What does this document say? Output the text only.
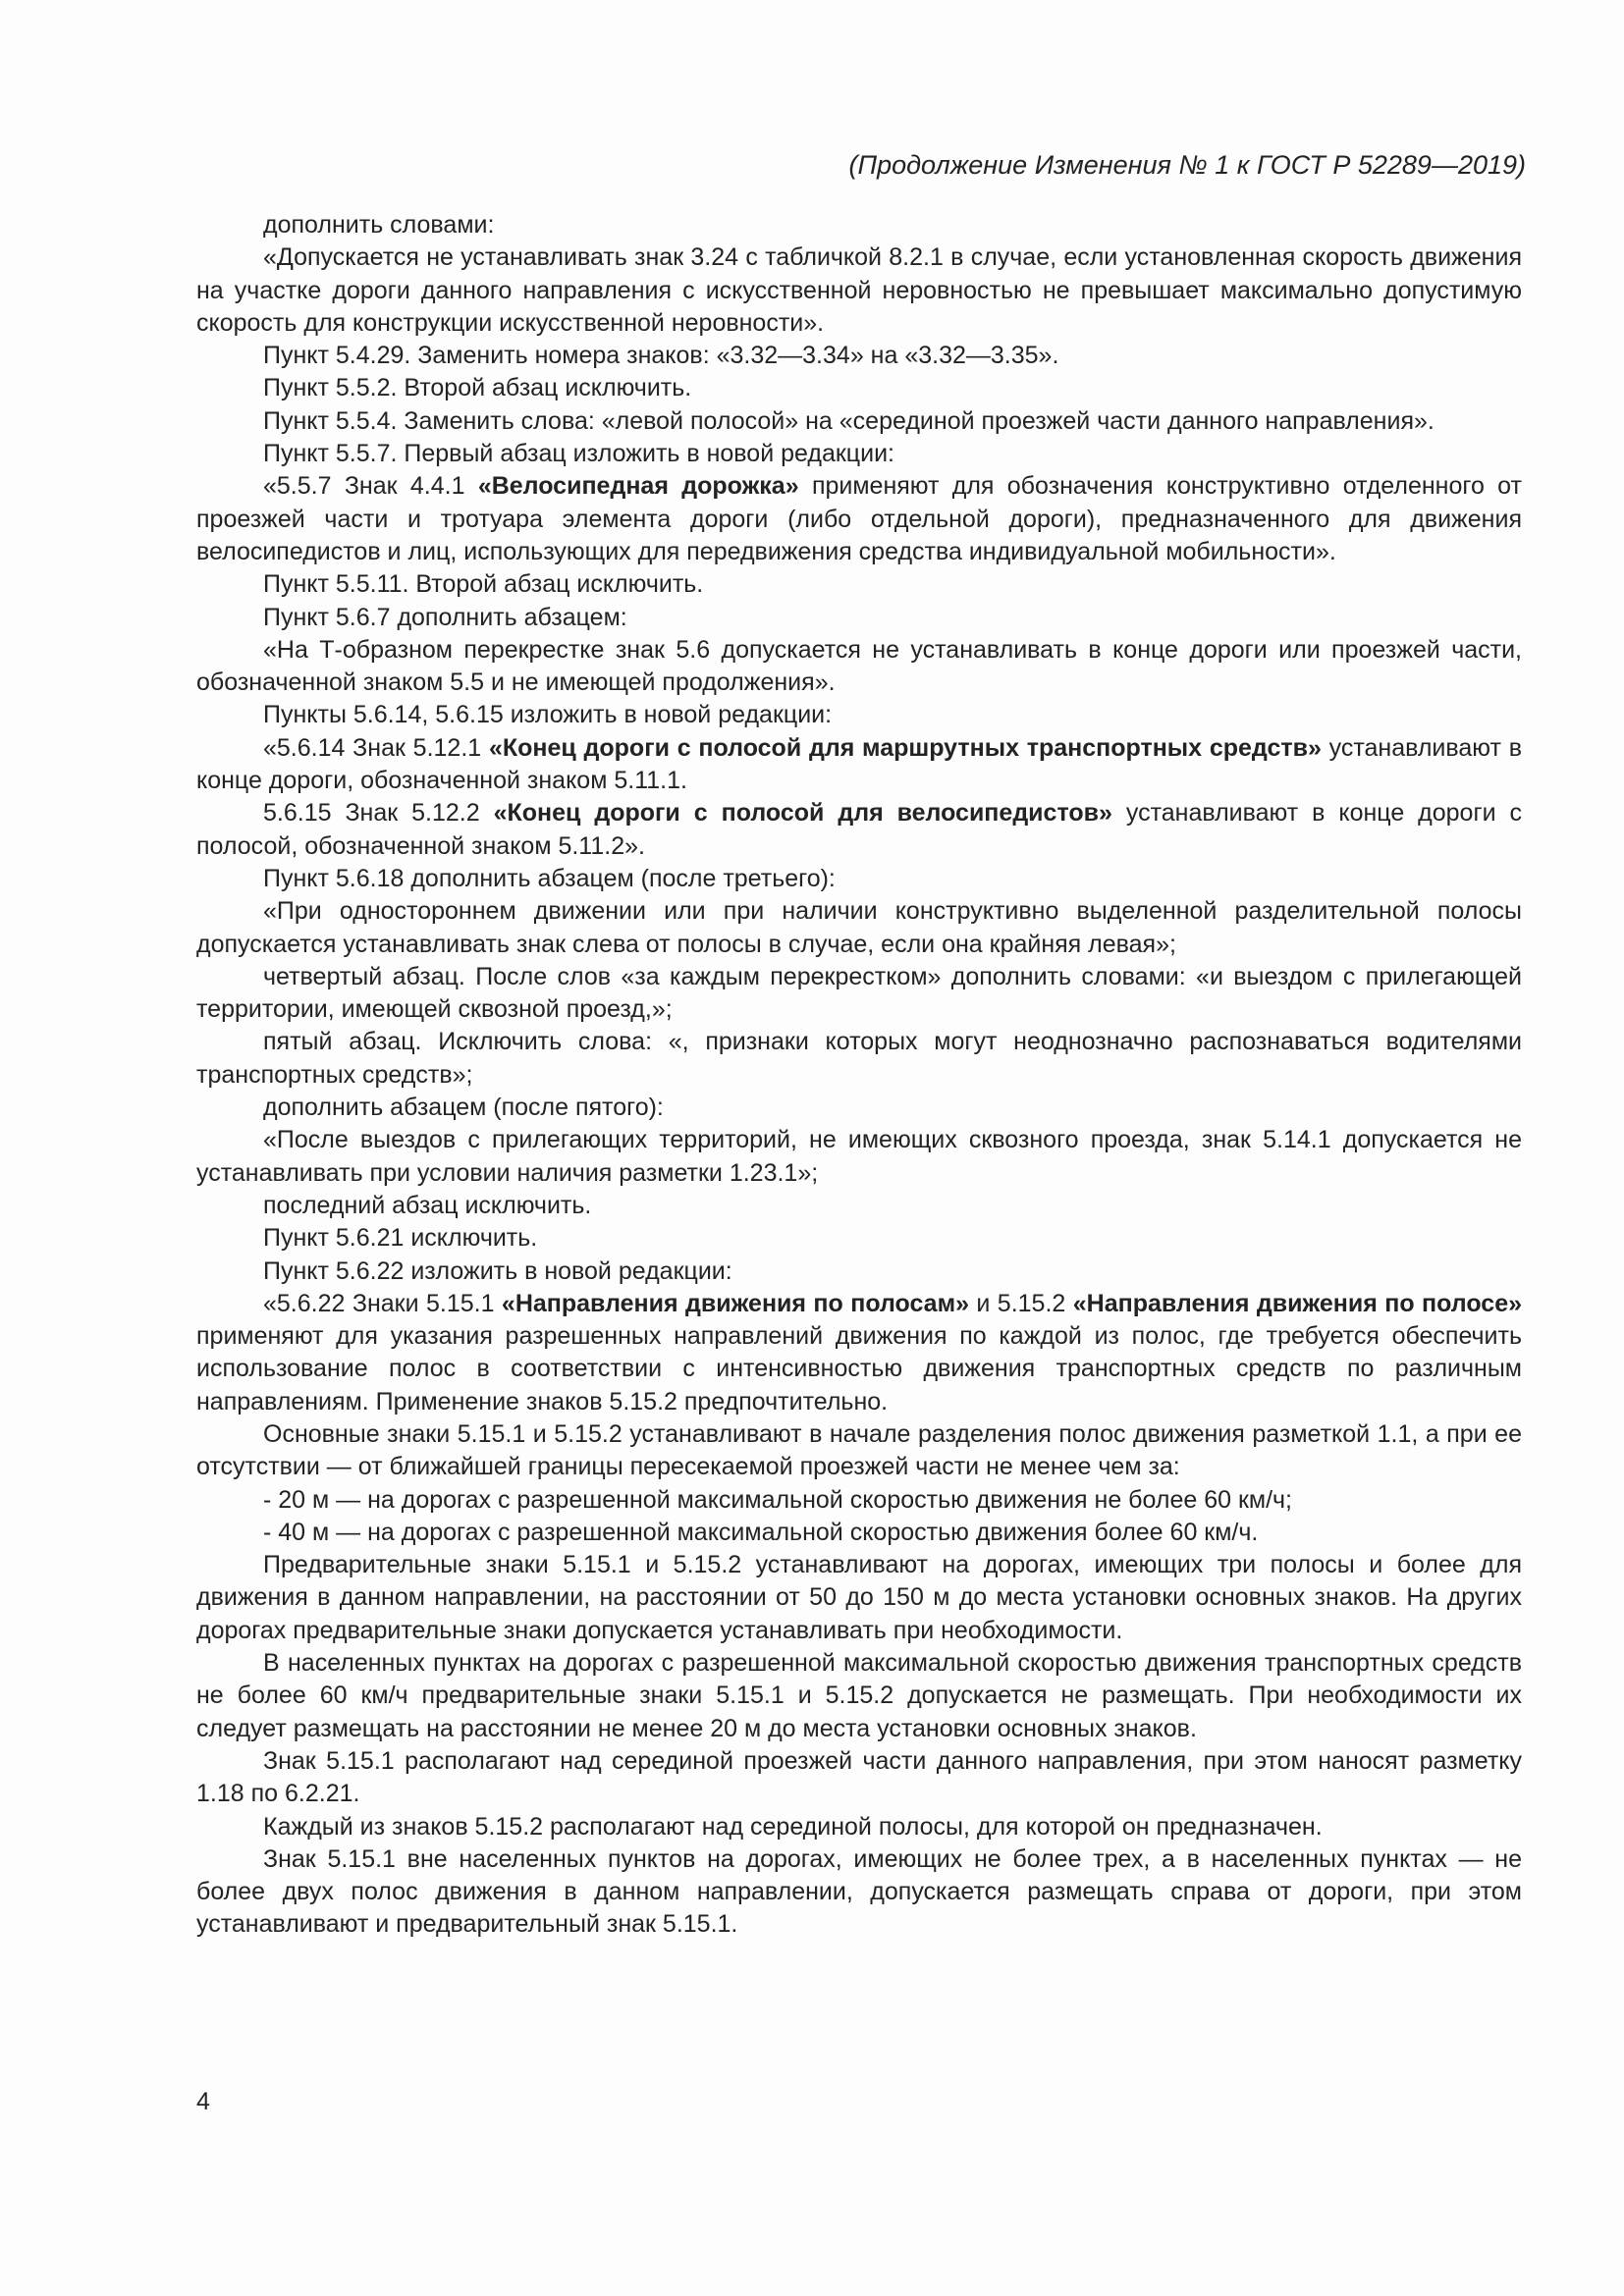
(Продолжение Изменения № 1 к ГОСТ Р 52289—2019)

дополнить словами:

«Допускается не устанавливать знак 3.24 с табличкой 8.2.1 в случае, если установленная скорость движения на участке дороги данного направления с искусственной неровностью не превышает максимально допустимую скорость для конструкции искусственной неровности».

Пункт 5.4.29. Заменить номера знаков: «3.32—3.34» на «3.32—3.35».

Пункт 5.5.2. Второй абзац исключить.

Пункт 5.5.4. Заменить слова: «левой полосой» на «серединой проезжей части данного направления».

Пункт 5.5.7. Первый абзац изложить в новой редакции:

«5.5.7 Знак 4.4.1 «Велосипедная дорожка» применяют для обозначения конструктивно отделенного от проезжей части и тротуара элемента дороги (либо отдельной дороги), предназначенного для движения велосипедистов и лиц, использующих для передвижения средства индивидуальной мобильности».

Пункт 5.5.11. Второй абзац исключить.

Пункт 5.6.7 дополнить абзацем:

«На Т-образном перекрестке знак 5.6 допускается не устанавливать в конце дороги или проезжей части, обозначенной знаком 5.5 и не имеющей продолжения».

Пункты 5.6.14, 5.6.15 изложить в новой редакции:

«5.6.14 Знак 5.12.1 «Конец дороги с полосой для маршрутных транспортных средств» устанавливают в конце дороги, обозначенной знаком 5.11.1.

5.6.15 Знак 5.12.2 «Конец дороги с полосой для велосипедистов» устанавливают в конце дороги с полосой, обозначенной знаком 5.11.2».

Пункт 5.6.18 дополнить абзацем (после третьего):

«При одностороннем движении или при наличии конструктивно выделенной разделительной полосы допускается устанавливать знак слева от полосы в случае, если она крайняя левая»;

четвертый абзац. После слов «за каждым перекрестком» дополнить словами: «и выездом с прилегающей территории, имеющей сквозной проезд,»;

пятый абзац. Исключить слова: «, признаки которых могут неоднозначно распознаваться водителями транспортных средств»;

дополнить абзацем (после пятого):

«После выездов с прилегающих территорий, не имеющих сквозного проезда, знак 5.14.1 допускается не устанавливать при условии наличия разметки 1.23.1»;

последний абзац исключить.

Пункт 5.6.21 исключить.

Пункт 5.6.22 изложить в новой редакции:

«5.6.22 Знаки 5.15.1 «Направления движения по полосам» и 5.15.2 «Направления движения по полосе» применяют для указания разрешенных направлений движения по каждой из полос, где требуется обеспечить использование полос в соответствии с интенсивностью движения транспортных средств по различным направлениям. Применение знаков 5.15.2 предпочтительно.

Основные знаки 5.15.1 и 5.15.2 устанавливают в начале разделения полос движения разметкой 1.1, а при ее отсутствии — от ближайшей границы пересекаемой проезжей части не менее чем за:

- 20 м — на дорогах с разрешенной максимальной скоростью движения не более 60 км/ч;

- 40 м — на дорогах с разрешенной максимальной скоростью движения более 60 км/ч.

Предварительные знаки 5.15.1 и 5.15.2 устанавливают на дорогах, имеющих три полосы и более для движения в данном направлении, на расстоянии от 50 до 150 м до места установки основных знаков. На других дорогах предварительные знаки допускается устанавливать при необходимости.

В населенных пунктах на дорогах с разрешенной максимальной скоростью движения транспортных средств не более 60 км/ч предварительные знаки 5.15.1 и 5.15.2 допускается не размещать. При необходимости их следует размещать на расстоянии не менее 20 м до места установки основных знаков.

Знак 5.15.1 располагают над серединой проезжей части данного направления, при этом наносят разметку 1.18 по 6.2.21.

Каждый из знаков 5.15.2 располагают над серединой полосы, для которой он предназначен.

Знак 5.15.1 вне населенных пунктов на дорогах, имеющих не более трех, а в населенных пунктах — не более двух полос движения в данном направлении, допускается размещать справа от дороги, при этом устанавливают и предварительный знак 5.15.1.

4
